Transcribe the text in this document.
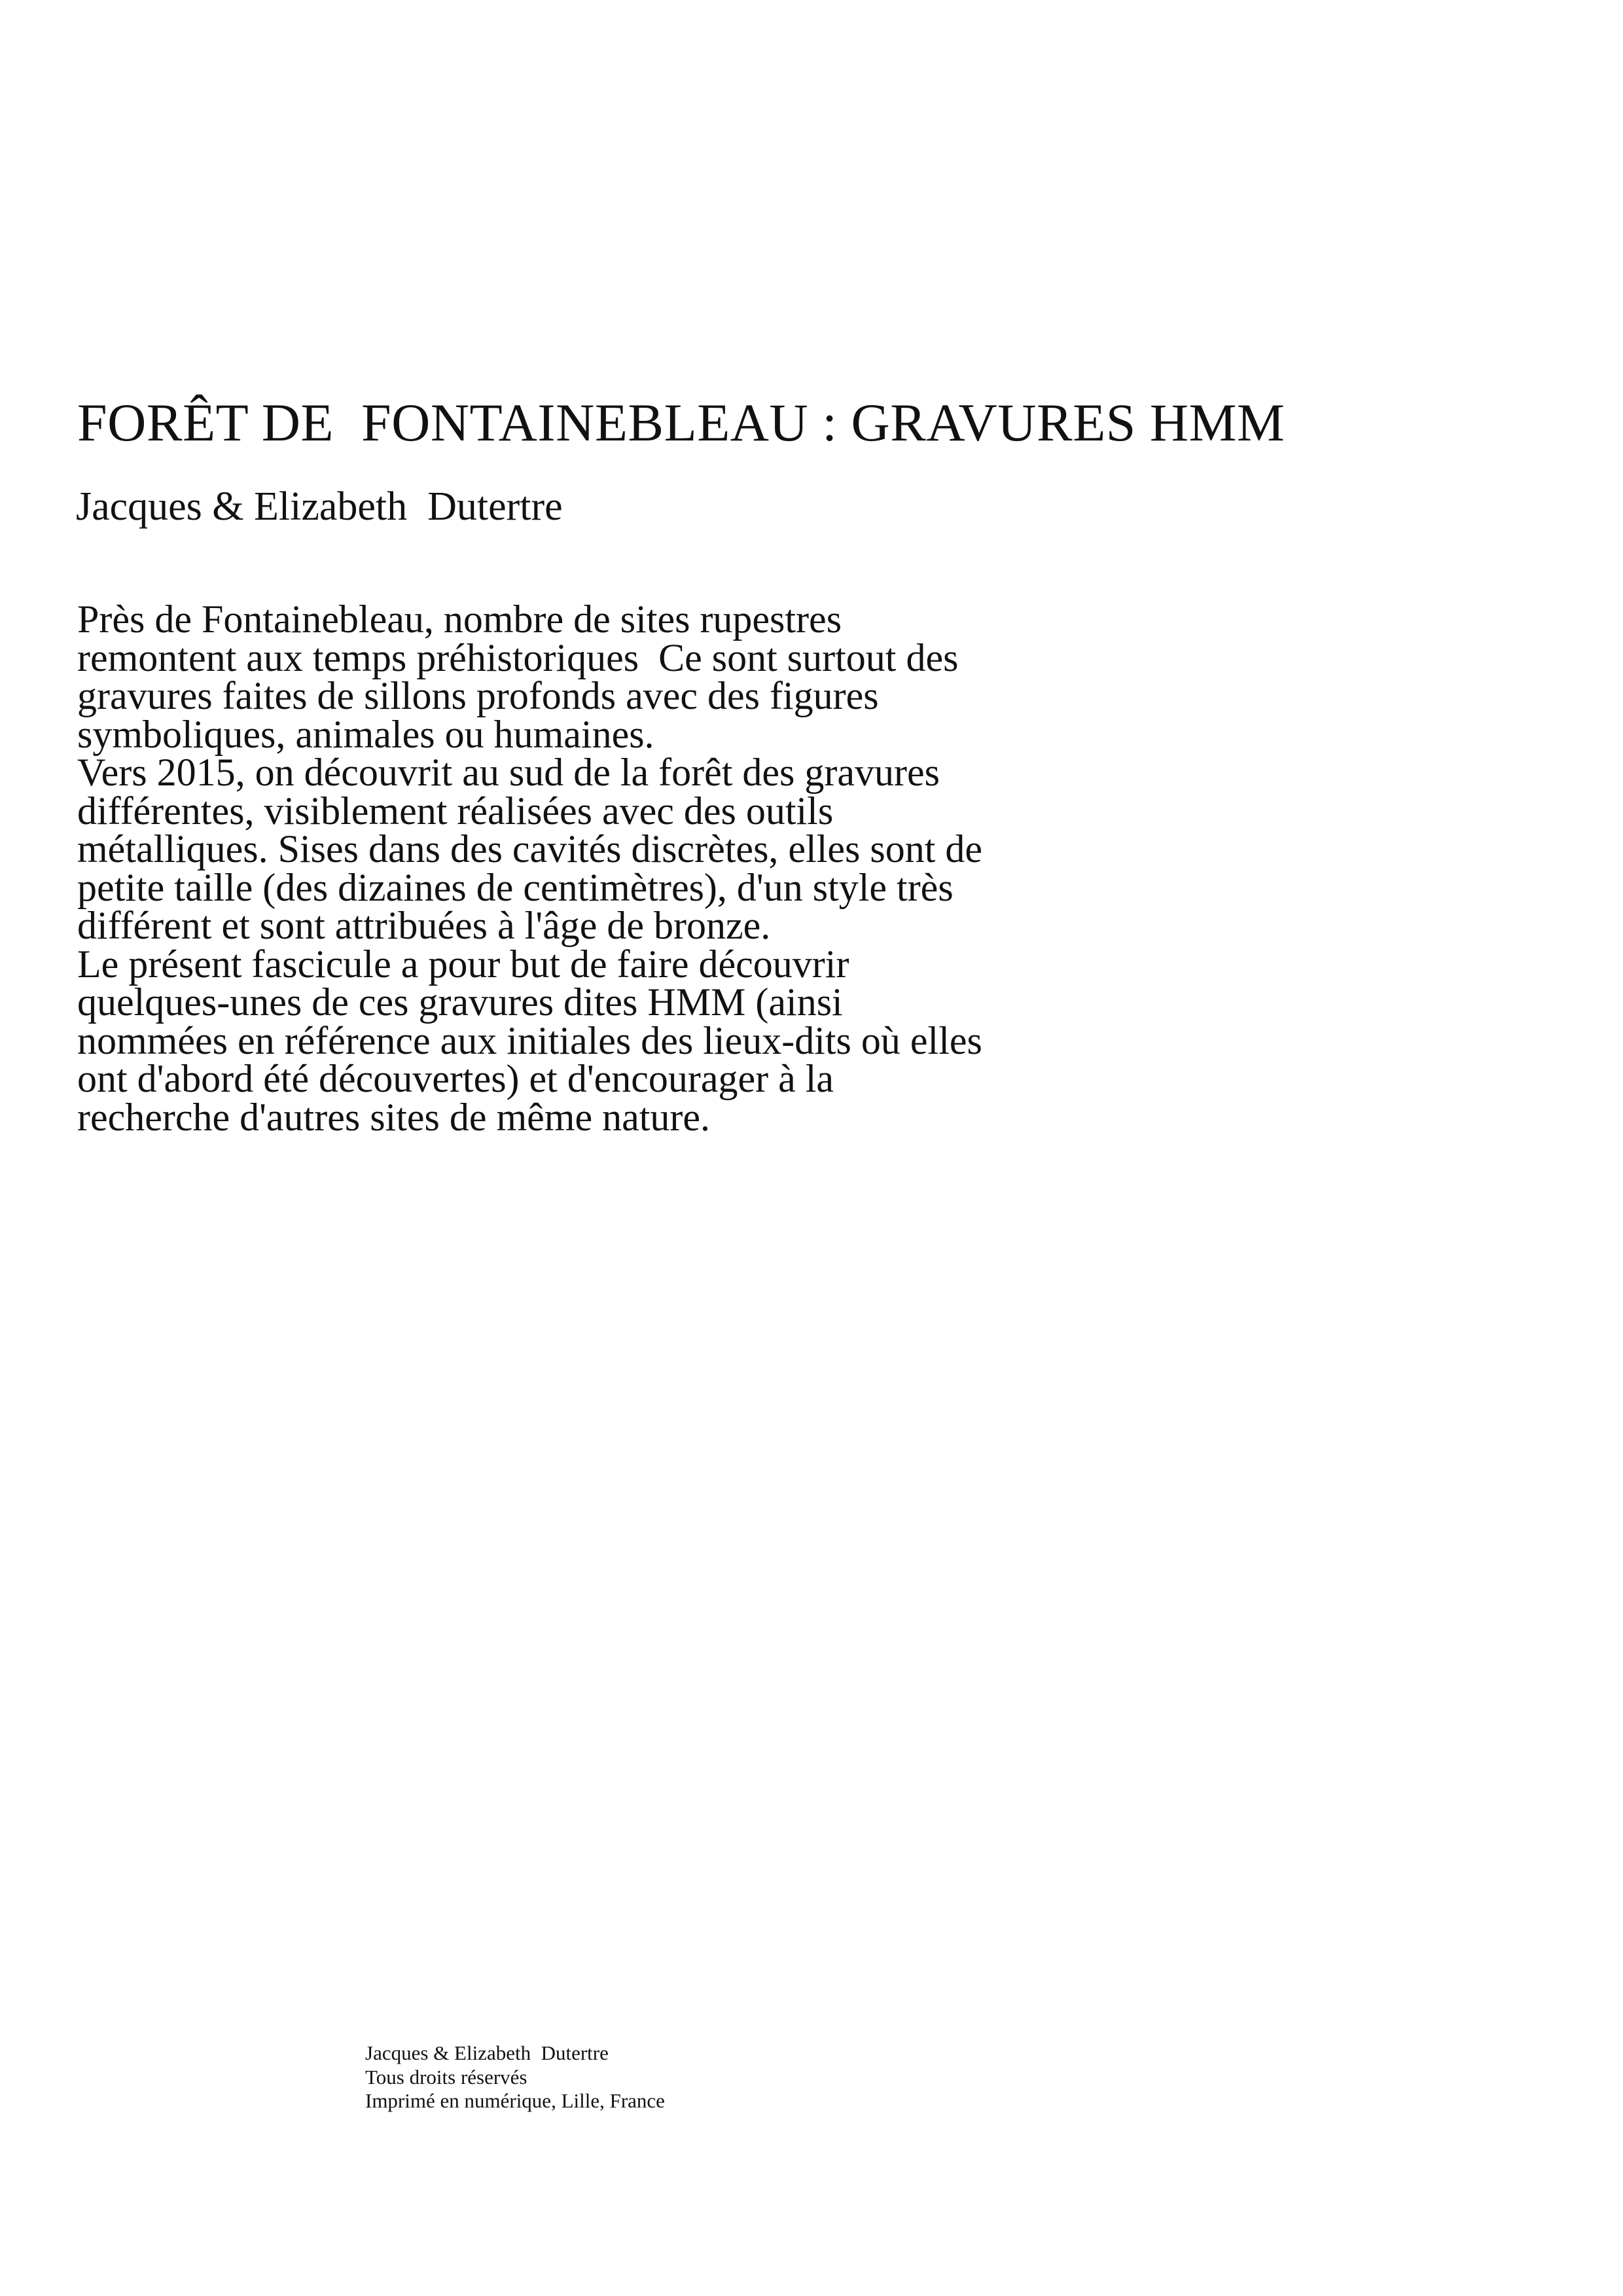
FORÊT DE  FONTAINEBLEAU : GRAVURES HMM
Jacques & Elizabeth  Dutertre
Près de Fontainebleau, nombre de sites rupestres
remontent aux temps préhistoriques  Ce sont surtout des
gravures faites de sillons profonds avec des figures
symboliques, animales ou humaines.
Vers 2015, on découvrit au sud de la forêt des gravures
différentes, visiblement réalisées avec des outils
métalliques. Sises dans des cavités discrètes, elles sont de
petite taille (des dizaines de centimètres), d'un style très
différent et sont attribuées à l'âge de bronze.
Le présent fascicule a pour but de faire découvrir
quelques-unes de ces gravures dites HMM (ainsi
nommées en référence aux initiales des lieux-dits où elles
ont d'abord été découvertes) et d'encourager à la
recherche d'autres sites de même nature.
Jacques & Elizabeth  Dutertre
Tous droits réservés
Imprimé en numérique, Lille, France
